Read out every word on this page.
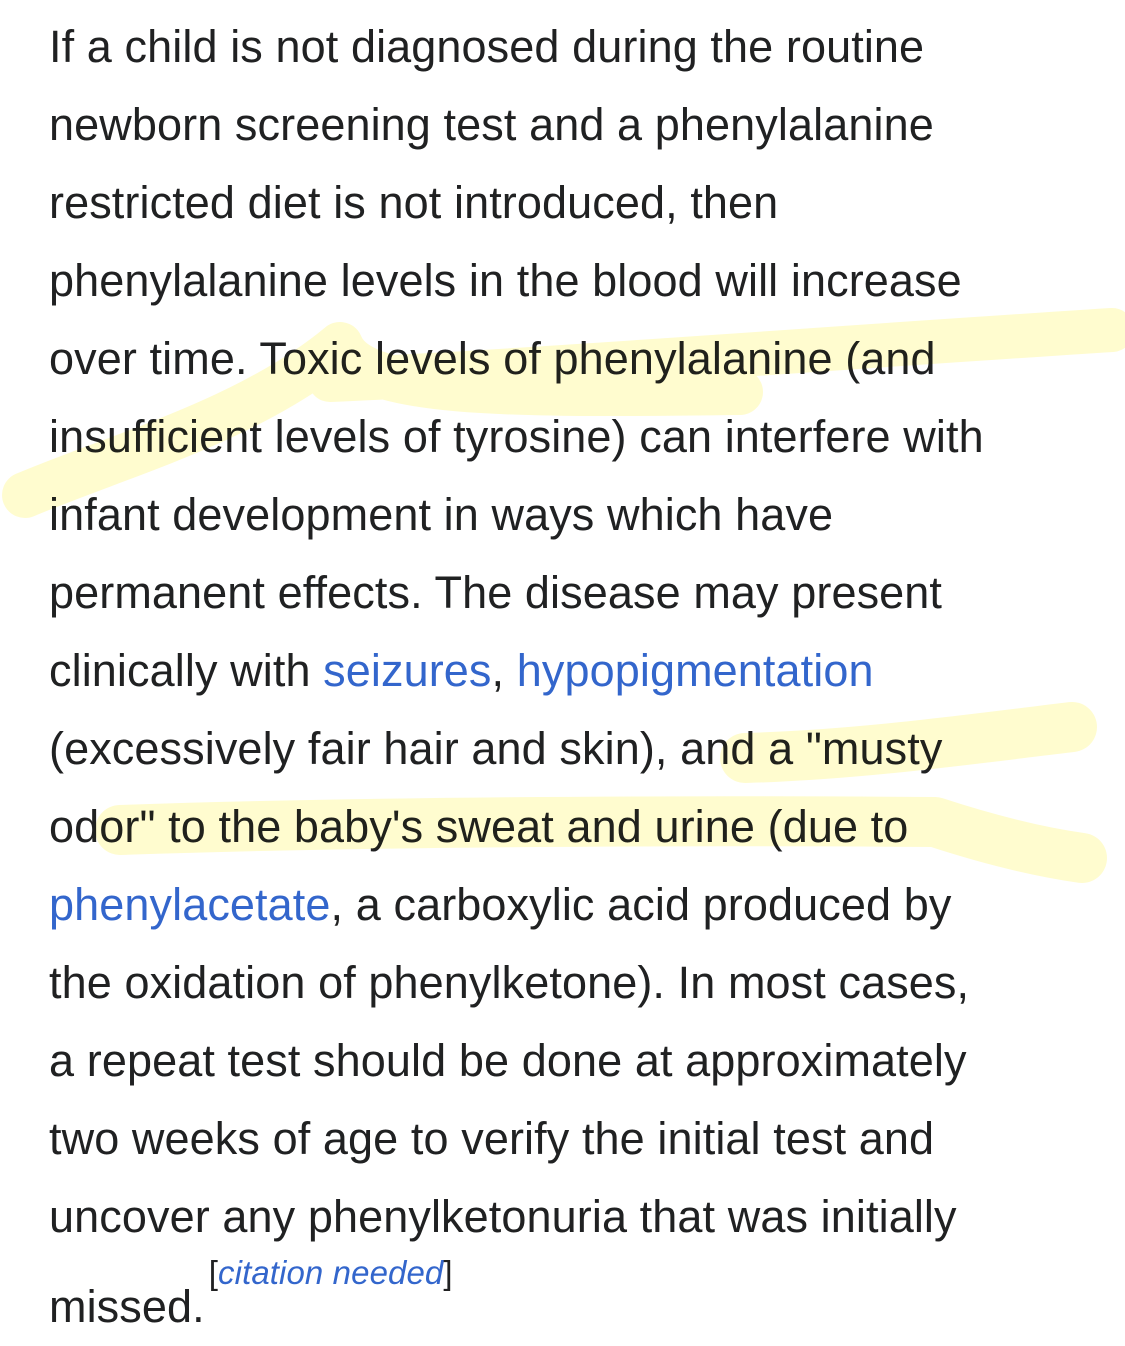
If a child is not diagnosed during the routine
newborn screening test and a phenylalanine
restricted diet is not introduced, then
phenylalanine levels in the blood will increase
over time. Toxic levels of phenylalanine (and
insufficient levels of tyrosine) can interfere with
infant development in ways which have
permanent effects. The disease may present
clinically with seizures, hypopigmentation
(excessively fair hair and skin), and a "musty
odor" to the baby's sweat and urine (due to
phenylacetate, a carboxylic acid produced by
the oxidation of phenylketone). In most cases,
a repeat test should be done at approximately
two weeks of age to verify the initial test and
uncover any phenylketonuria that was initially
missed.[citation needed]
